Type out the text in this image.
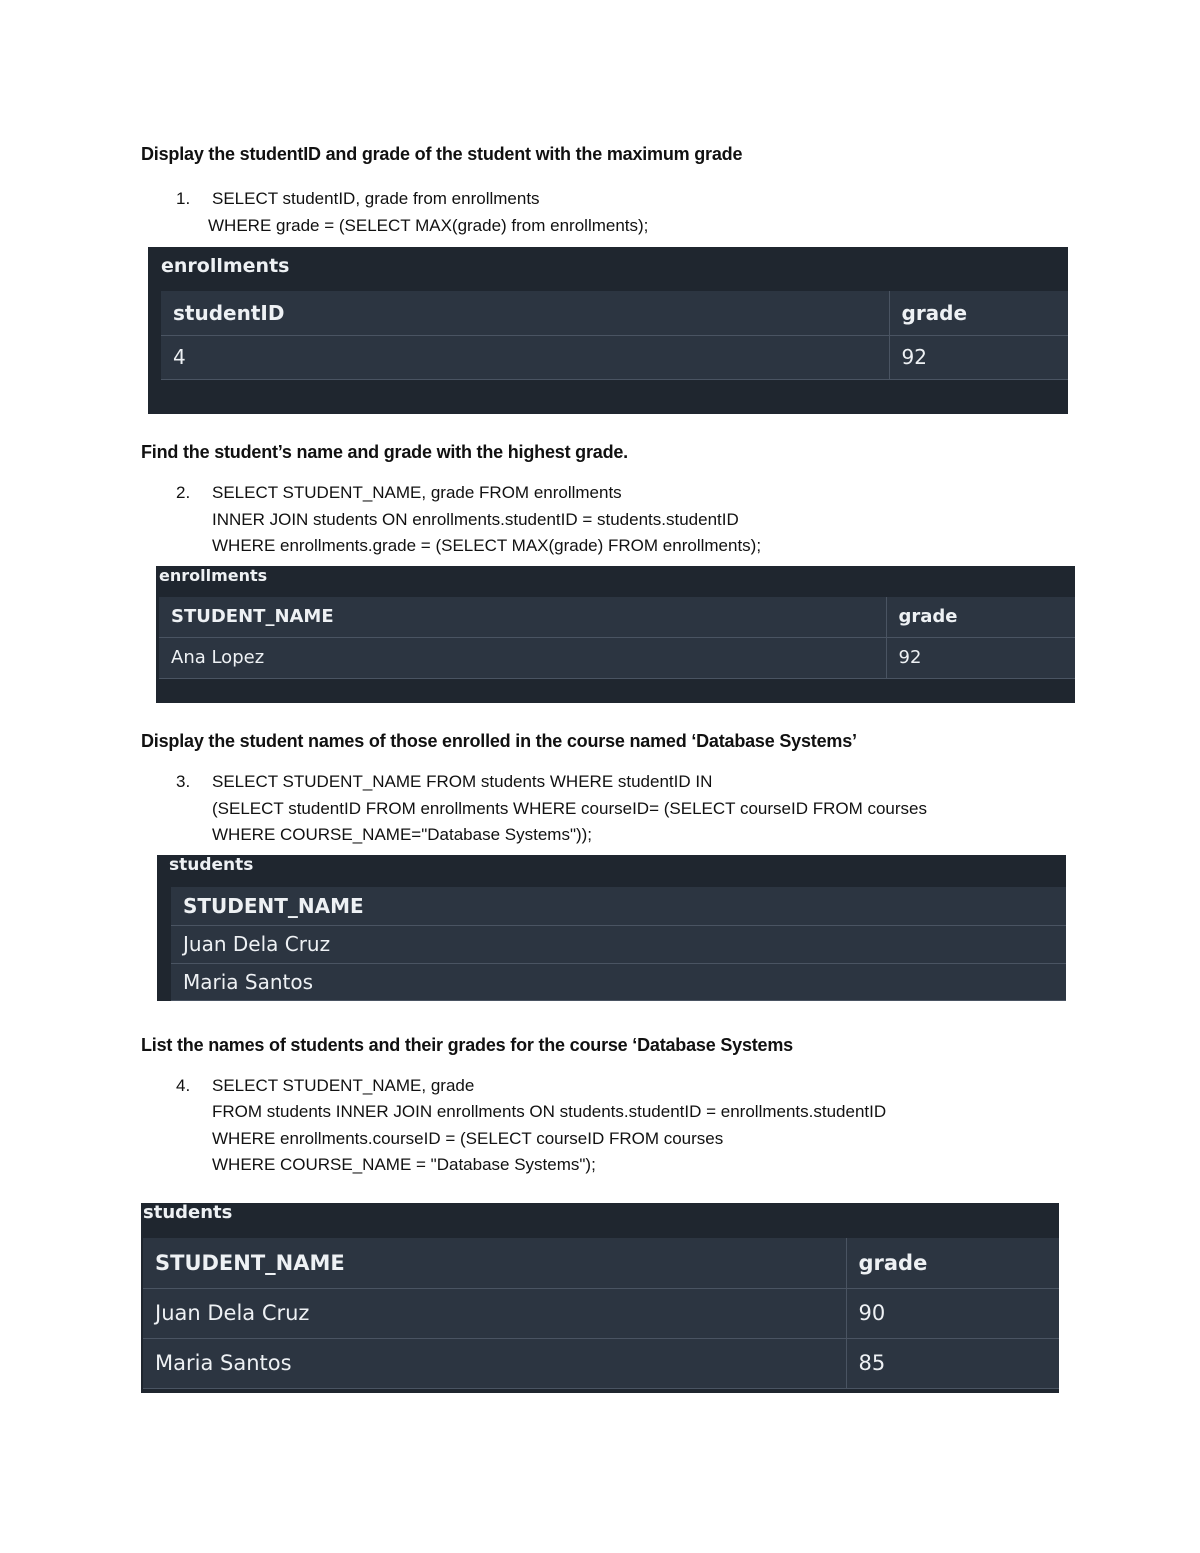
Display the studentID and grade of the student with the maximum grade
1. SELECT studentID, grade from enrollments
WHERE grade = (SELECT MAX(grade) from enrollments);
enrollments
studentID	grade
4	92
Find the student’s name and grade with the highest grade.
2. SELECT STUDENT_NAME, grade FROM enrollments
INNER JOIN students ON enrollments.studentID = students.studentID
WHERE enrollments.grade = (SELECT MAX(grade) FROM enrollments);
enrollments
STUDENT_NAME	grade
Ana Lopez	92
Display the student names of those enrolled in the course named ‘Database Systems’
3. SELECT STUDENT_NAME FROM students WHERE studentID IN
(SELECT studentID FROM enrollments WHERE courseID= (SELECT courseID FROM courses
WHERE COURSE_NAME="Database Systems"));
students
STUDENT_NAME
Juan Dela Cruz
Maria Santos
List the names of students and their grades for the course ‘Database Systems
4. SELECT STUDENT_NAME, grade
FROM students INNER JOIN enrollments ON students.studentID = enrollments.studentID
WHERE enrollments.courseID = (SELECT courseID FROM courses
WHERE COURSE_NAME = "Database Systems");
students
STUDENT_NAME	grade
Juan Dela Cruz	90
Maria Santos	85
